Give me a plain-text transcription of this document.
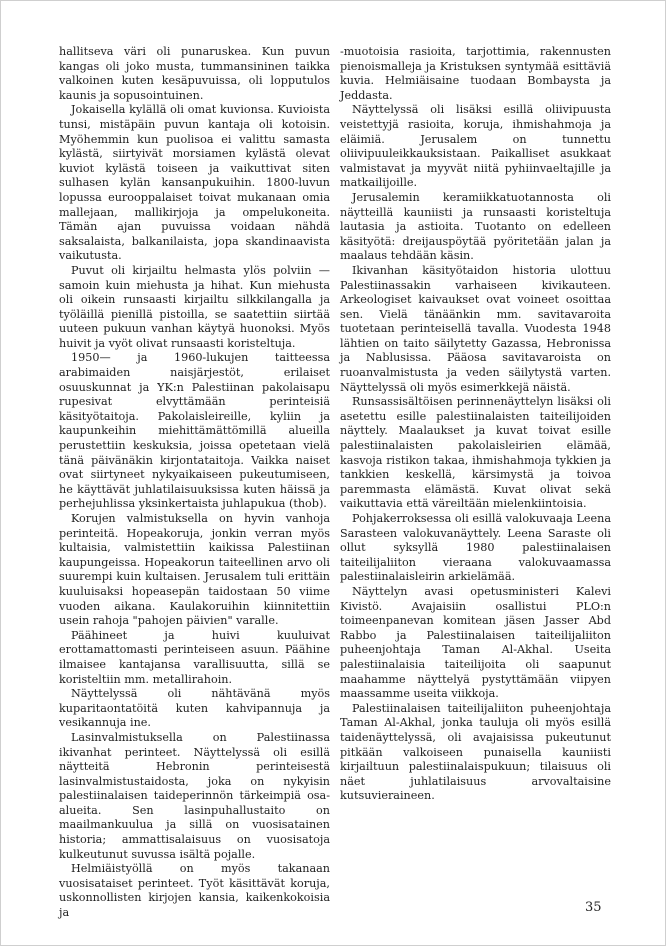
hallitseva väri oli punaruskea. Kun puvun kangas oli joko musta, tummansininen taikka valkoinen kuten kesäpuvuissa, oli lopputulos kaunis ja sopusointuinen.

Jokaisella kylällä oli omat kuvionsa. Kuvioista tunsi, mistäpäin puvun kantaja oli kotoisin. Myöhemmin kun puolisoa ei valittu samasta kylästä, siirtyivät morsiamen kylästä olevat kuviot kylästä toiseen ja vaikuttivat siten sulhasen kylän kansanpukuihin. 1800-luvun lopussa eurooppalaiset toivat mukanaan omia mallejaan, mallikirjoja ja ompelukoneita. Tämän ajan puvuissa voidaan nähdä saksalaista, balkanilaista, jopa skandinaavista vaikutusta.

Puvut oli kirjailtu helmasta ylös polviin — samoin kuin miehusta ja hihat. Kun miehusta oli oikein runsaasti kirjailtu silkkilangalla ja työläillä pienillä pistoilla, se saatettiin siirtää uuteen pukuun vanhan käytyä huonoksi. Myös huivit ja vyöt olivat runsaasti koristeltuja.

1950— ja 1960-lukujen taitteessa arabimaiden naisjärjestöt, erilaiset osuuskunnat ja YK:n Palestiinan pakolaisapu rupesivat elvyttämään perinteisiä käsityötaitoja. Pakolaisleireille, kyliin ja kaupunkeihin miehittämättömillä alueilla perustettiin keskuksia, joissa opetetaan vielä tänä päivänäkin kirjontataitoja. Vaikka naiset ovat siirtyneet nykyaikaiseen pukeutumiseen, he käyttävät juhlatilaisuuksissa kuten häissä ja perhejuhlissa yksinkertaista juhlapukua (thob).

Korujen valmistuksella on hyvin vanhoja perinteitä. Hopeakoruja, jonkin verran myös kultaisia, valmistettiin kaikissa Palestiinan kaupungeissa. Hopeakorun taiteellinen arvo oli suurempi kuin kultaisen. Jerusalem tuli erittäin kuuluisaksi hopeasepän taidostaan 50 viime vuoden aikana. Kaulakoruihin kiinnitettiin usein rahoja "pahojen päivien" varalle.

Päähineet ja huivi kuuluivat erottamattomasti perinteiseen asuun. Päähine ilmaisee kantajansa varallisuutta, sillä se koristeltiin mm. metallirahoin.

Näyttelyssä oli nähtävänä myös kuparitaontatöitä kuten kahvipannuja ja vesikannuja ine.

Lasinvalmistuksella on Palestiinassa ikivanhat perinteet. Näyttelyssä oli esillä näytteitä Hebronin perinteisestä lasinvalmistustaidosta, joka on nykyisin palestiinalaisen taideperinnön tärkeimpiä osa-alueita. Sen lasinpuhallustaito on maailmankuulua ja sillä on vuosisatainen historia; ammattisalaisuus on vuosisatoja kulkeutunut suvussa isältä pojalle.

Helmiäistyöllä on myös takanaan vuosisataiset perinteet. Työt käsittävät koruja, uskonnollisten kirjojen kansia, kaikenkokoisia ja

-muotoisia rasioita, tarjottimia, rakennusten pienoismalleja ja Kristuksen syntymää esittäviä kuvia. Helmiäisaine tuodaan Bombaysta ja Jeddasta.

Näyttelyssä oli lisäksi esillä oliivipuusta veistettyjä rasioita, koruja, ihmishahmoja ja eläimiä. Jerusalem on tunnettu oliivipuuleikkauksistaan. Paikalliset asukkaat valmistavat ja myyvät niitä pyhiinvaeltajille ja matkailijoille.

Jerusalemin keramiikkatuotannosta oli näytteillä kauniisti ja runsaasti koristeltuja lautasia ja astioita. Tuotanto on edelleen käsityötä: dreijauspöytää pyöritetään jalan ja maalaus tehdään käsin.

Ikivanhan käsityötaidon historia ulottuu Palestiinassakin varhaiseen kivikauteen. Arkeologiset kaivaukset ovat voineet osoittaa sen. Vielä tänäänkin mm. savitavaroita tuotetaan perinteisellä tavalla. Vuodesta 1948 lähtien on taito säilytetty Gazassa, Hebronissa ja Nablusissa. Pääosa savitavaroista on ruoanvalmistusta ja veden säilytystä varten. Näyttelyssä oli myös esimerkkejä näistä.

Runsassisältöisen perinnenäyttelyn lisäksi oli asetettu esille palestiinalaisten taiteilijoiden näyttely. Maalaukset ja kuvat toivat esille palestiinalaisten pakolaisleirien elämää, kasvoja ristikon takaa, ihmishahmoja tykkien ja tankkien keskellä, kärsimystä ja toivoa paremmasta elämästä. Kuvat olivat sekä vaikuttavia että väreiltään mielenkiintoisia.

Pohjakerroksessa oli esillä valokuvaaja Leena Sarasteen valokuvanäyttely. Leena Saraste oli ollut syksyllä 1980 palestiinalaisen taiteilijaliiton vieraana valokuvaamassa palestiinalaisleirin arkielämää.

Näyttelyn avasi opetusministeri Kalevi Kivistö. Avajaisiin osallistui PLO:n toimeenpanevan komitean jäsen Jasser Abd Rabbo ja Palestiinalaisen taiteilijaliiton puheenjohtaja Taman Al-Akhal. Useita palestiinalaisia taiteilijoita oli saapunut maahamme näyttelyä pystyttämään viipyen maassamme useita viikkoja.

Palestiinalaisen taiteilijaliiton puheenjohtaja Taman Al-Akhal, jonka tauluja oli myös esillä taidenäyttelyssä, oli avajaisissa pukeutunut pitkään valkoiseen punaisella kauniisti kirjailtuun palestiinalaispukuun; tilaisuus oli näet juhlatilaisuus arvovaltaisine kutsuvieraineen.

35
